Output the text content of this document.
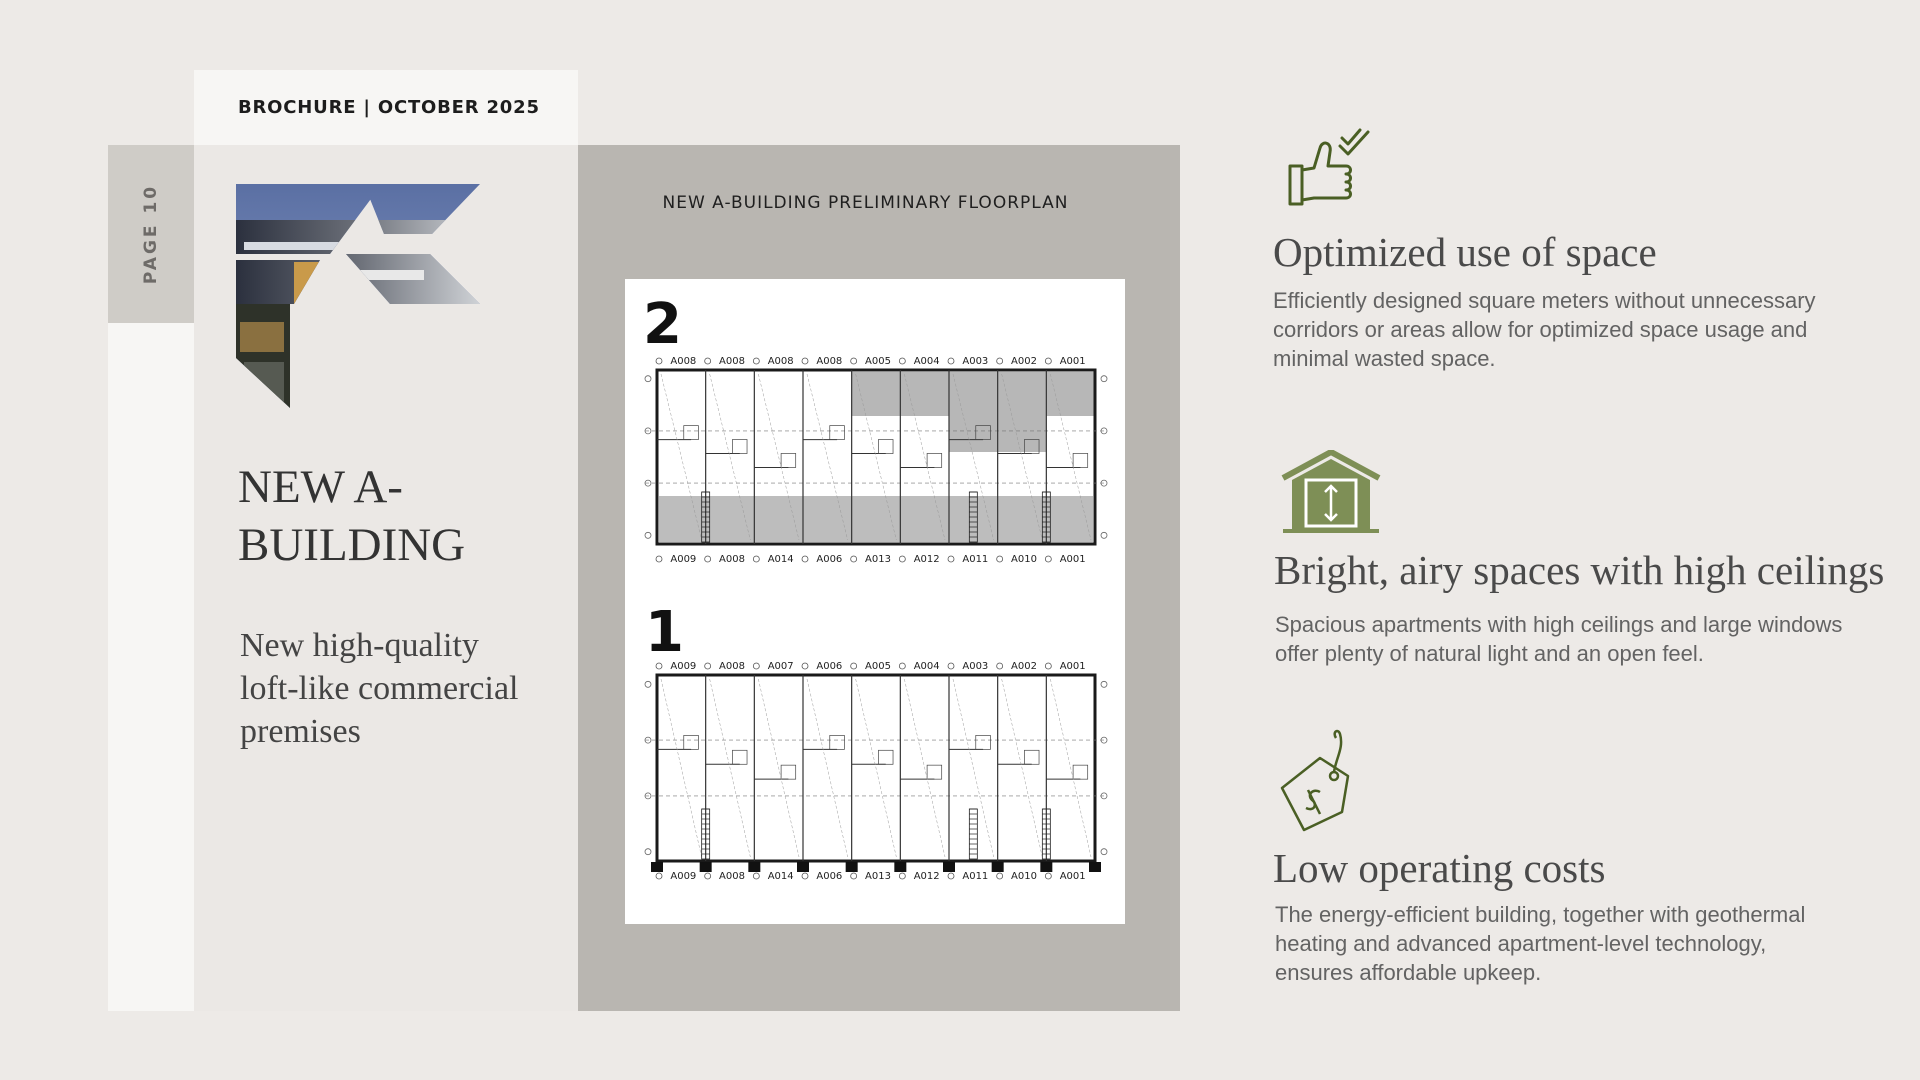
PAGE 10
BROCHURE | OCTOBER 2025
NEW A-BUILDING

New high-quality loft-like commercial premises

NEW A-BUILDING PRELIMINARY FLOORPLAN
2
A008 A008 A008 A008 A005 A004 A003 A002 A001
A009 A008 A014 A006 A013 A012 A011 A010 A001
1
A009 A008 A007 A006 A005 A004 A003 A002 A001
A009 A008 A014 A006 A013 A012 A011 A010 A001
Optimized use of space

Efficiently designed square meters without unnecessary corridors or areas allow for optimized space usage and minimal wasted space.

Bright, airy spaces with high ceilings

Spacious apartments with high ceilings and large windows offer plenty of natural light and an open feel.

Low operating costs

The energy-efficient building, together with geothermal heating and advanced apartment-level technology, ensures affordable upkeep.
